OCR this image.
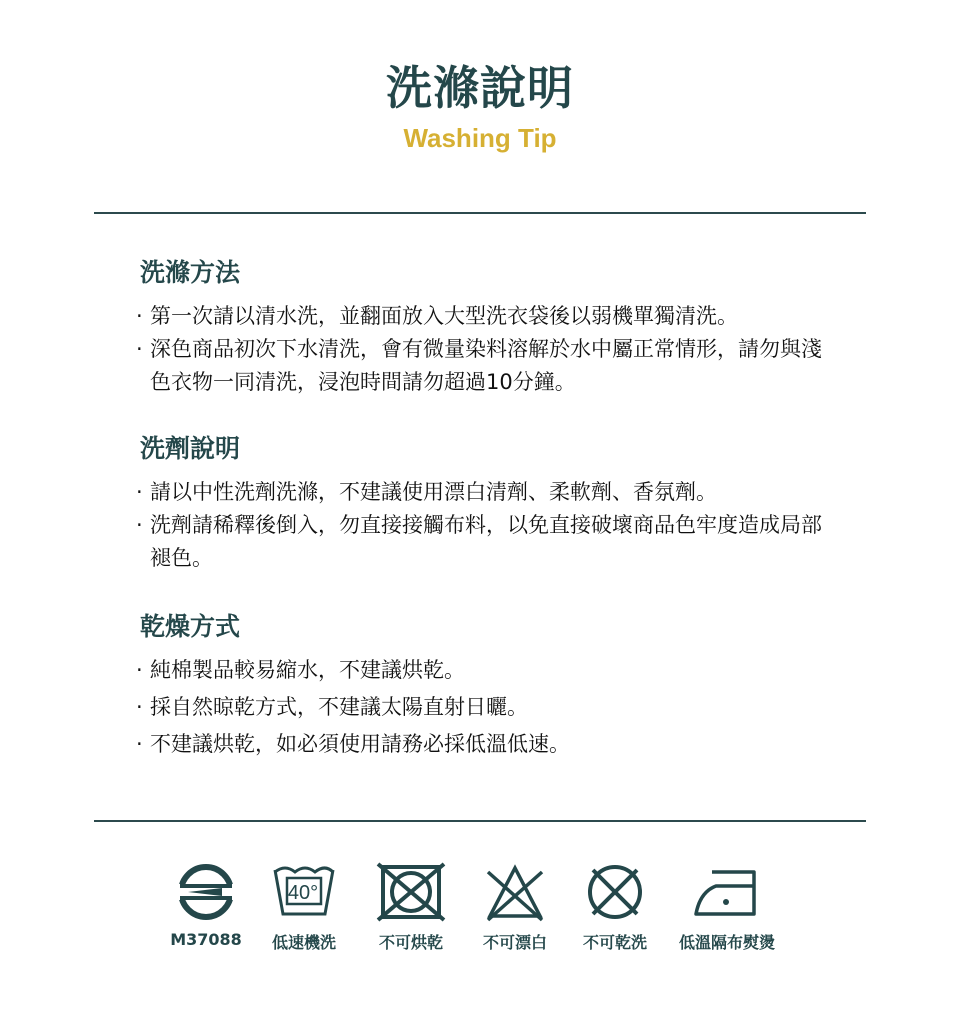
洗滌說明
Washing Tip
洗滌方法
· 第一次請以清水洗，並翻面放入大型洗衣袋後以弱機單獨清洗。
· 深色商品初次下水清洗，會有微量染料溶解於水中屬正常情形，請勿與淺色衣物一同清洗，浸泡時間請勿超過10分鐘。
洗劑說明
· 請以中性洗劑洗滌，不建議使用漂白清劑、柔軟劑、香氛劑。
· 洗劑請稀釋後倒入，勿直接接觸布料，以免直接破壞商品色牢度造成局部褪色。
乾燥方式
· 純棉製品較易縮水，不建議烘乾。
· 採自然晾乾方式，不建議太陽直射日曬。
· 不建議烘乾，如必須使用請務必採低溫低速。
M37088
40°
低速機洗	不可烘乾	不可漂白	不可乾洗	低溫隔布熨燙
